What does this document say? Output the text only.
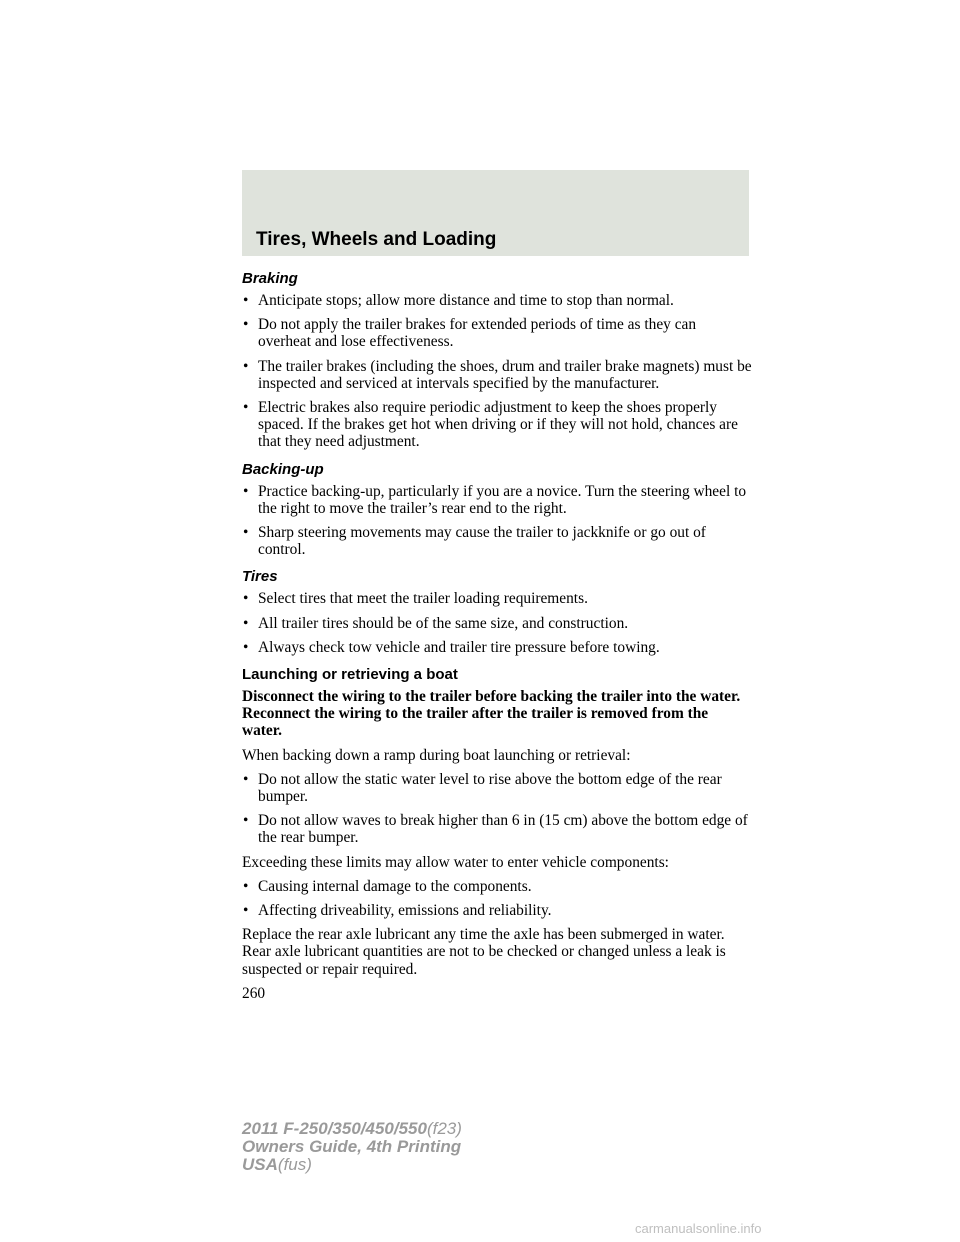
Tires, Wheels and Loading
Braking
• Anticipate stops; allow more distance and time to stop than normal.
• Do not apply the trailer brakes for extended periods of time as they can overheat and lose effectiveness.
• The trailer brakes (including the shoes, drum and trailer brake magnets) must be inspected and serviced at intervals specified by the manufacturer.
• Electric brakes also require periodic adjustment to keep the shoes properly spaced. If the brakes get hot when driving or if they will not hold, chances are that they need adjustment.
Backing-up
• Practice backing-up, particularly if you are a novice. Turn the steering wheel to the right to move the trailer’s rear end to the right.
• Sharp steering movements may cause the trailer to jackknife or go out of control.
Tires
• Select tires that meet the trailer loading requirements.
• All trailer tires should be of the same size, and construction.
• Always check tow vehicle and trailer tire pressure before towing.
Launching or retrieving a boat

Disconnect the wiring to the trailer before backing the trailer into the water. Reconnect the wiring to the trailer after the trailer is removed from the water.

When backing down a ramp during boat launching or retrieval:

• Do not allow the static water level to rise above the bottom edge of the rear bumper.
• Do not allow waves to break higher than 6 in (15 cm) above the bottom edge of the rear bumper.

Exceeding these limits may allow water to enter vehicle components:

• Causing internal damage to the components.
• Affecting driveability, emissions and reliability.

Replace the rear axle lubricant any time the axle has been submerged in water. Rear axle lubricant quantities are not to be checked or changed unless a leak is suspected or repair required.

260
2011 F-250/350/450/550(f23)
Owners Guide, 4th Printing
USA(fus)
carmanualsonline.info
